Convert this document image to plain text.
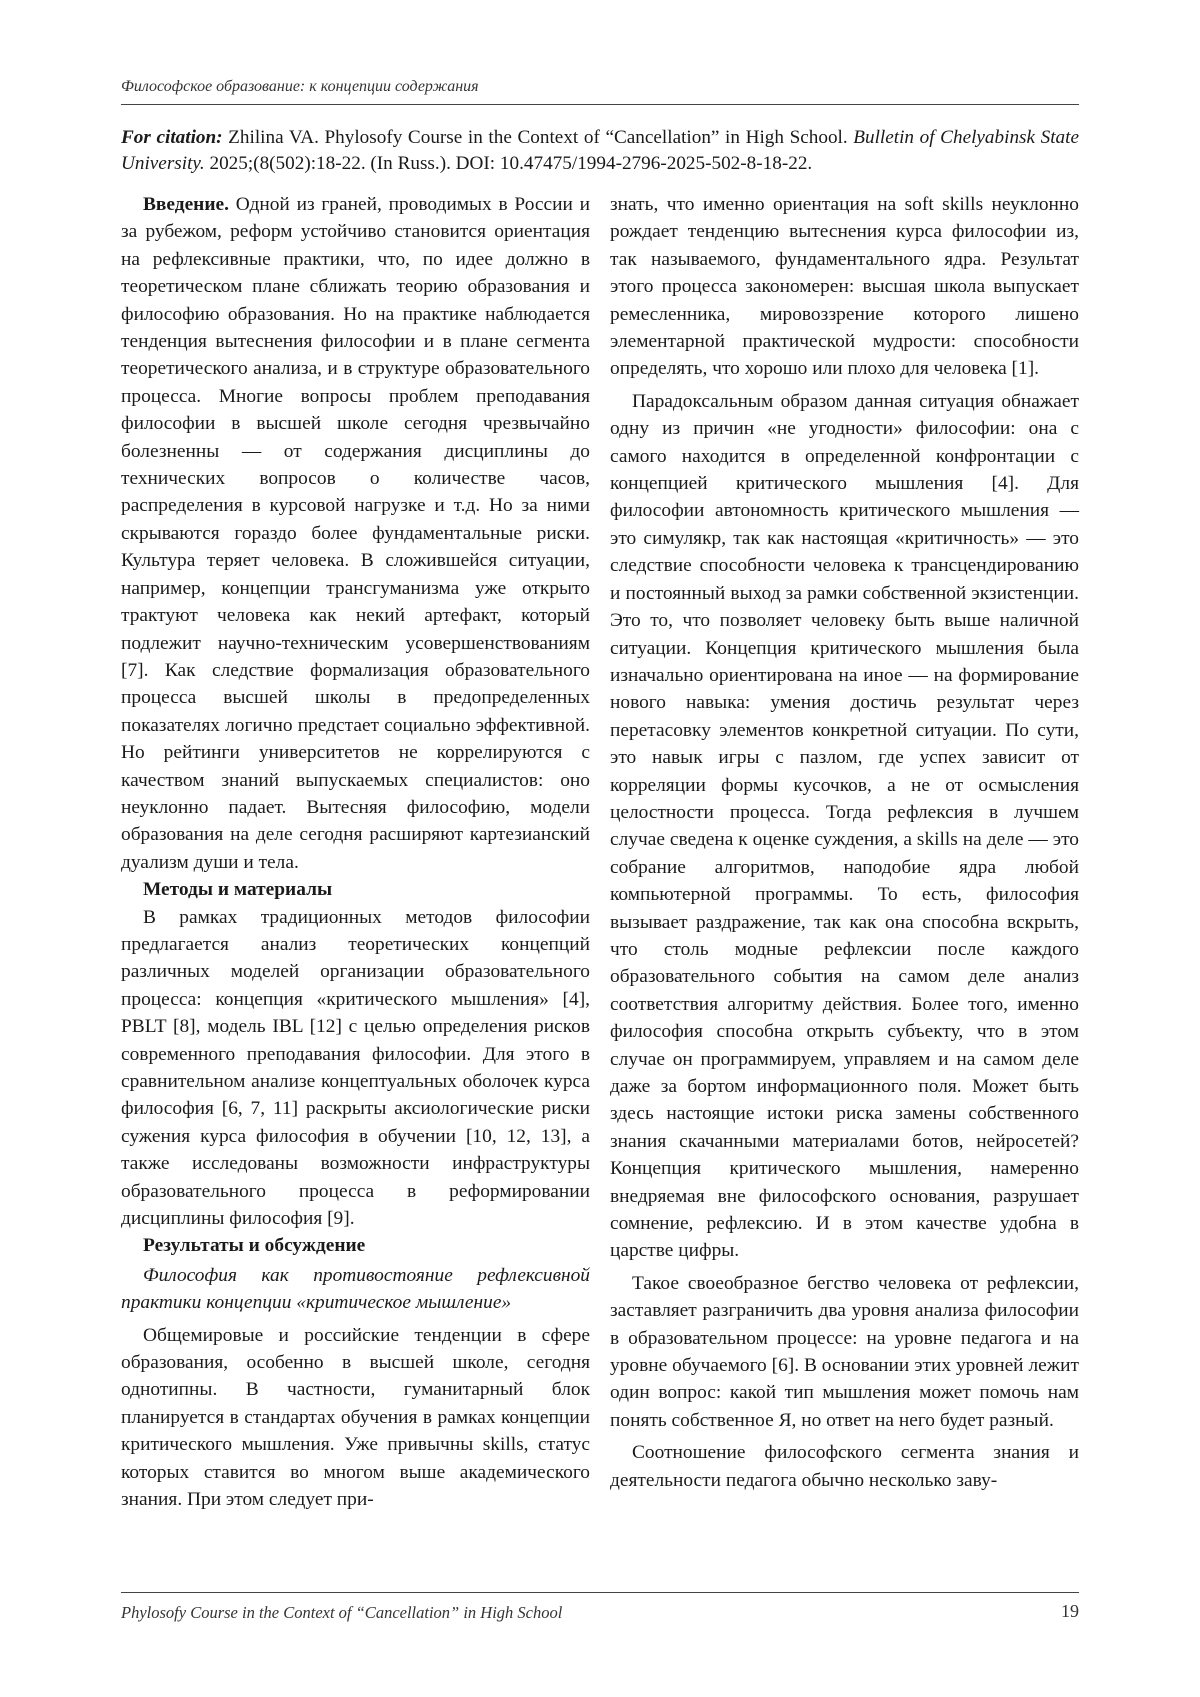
Философское образование: к концепции содержания
For citation: Zhilina VA. Phylosofy Course in the Context of “Cancellation” in High School. Bulletin of Chelyabinsk State University. 2025;(8(502):18-22. (In Russ.). DOI: 10.47475/1994-2796-2025-502-8-18-22.

Введение. Одной из граней, проводимых в России и за рубежом, реформ устойчиво становится ориентация на рефлексивные практики, что, по идее должно в теоретическом плане сближать теорию образования и философию образования. Но на практике наблюдается тенденция вытеснения философии и в плане сегмента теоретического анализа, и в структуре образовательного процесса. Многие вопросы проблем преподавания философии в высшей школе сегодня чрезвычайно болезненны — от содержания дисциплины до технических вопросов о количестве часов, распределения в курсовой нагрузке и т.д. Но за ними скрываются гораздо более фундаментальные риски. Культура теряет человека. В сложившейся ситуации, например, концепции трансгуманизма уже открыто трактуют человека как некий артефакт, который подлежит научно-техническим усовершенствованиям [7]. Как следствие формализация образовательного процесса высшей школы в предопределенных показателях логично предстает социально эффективной. Но рейтинги университетов не коррелируются с качеством знаний выпускаемых специалистов: оно неуклонно падает. Вытесняя философию, модели образования на деле сегодня расширяют картезианский дуализм души и тела.

Методы и материалы

В рамках традиционных методов философии предлагается анализ теоретических концепций различных моделей организации образовательного процесса: концепция «критического мышления» [4], PBLT [8], модель IBL [12] с целью определения рисков современного преподавания философии. Для этого в сравнительном анализе концептуальных оболочек курса философия [6, 7, 11] раскрыты аксиологические риски сужения курса философия в обучении [10, 12, 13], а также исследованы возможности инфраструктуры образовательного процесса в реформировании дисциплины философия [9].

Результаты и обсуждение

Философия как противостояние рефлексивной практики концепции «критическое мышление»

Общемировые и российские тенденции в сфере образования, особенно в высшей школе, сегодня однотипны. В частности, гуманитарный блок планируется в стандартах обучения в рамках концепции критического мышления. Уже привычны skills, статус которых ставится во многом выше академического знания. При этом следует при-

знать, что именно ориентация на soft skills неуклонно рождает тенденцию вытеснения курса философии из, так называемого, фундаментального ядра. Результат этого процесса закономерен: высшая школа выпускает ремесленника, мировоззрение которого лишено элементарной практической мудрости: способности определять, что хорошо или плохо для человека [1].

Парадоксальным образом данная ситуация обнажает одну из причин «не угодности» философии: она с самого находится в определенной конфронтации с концепцией критического мышления [4]. Для философии автономность критического мышления — это симулякр, так как настоящая «критичность» — это следствие способности человека к трансцендированию и постоянный выход за рамки собственной экзистенции. Это то, что позволяет человеку быть выше наличной ситуации. Концепция критического мышления была изначально ориентирована на иное — на формирование нового навыка: умения достичь результат через перетасовку элементов конкретной ситуации. По сути, это навык игры с пазлом, где успех зависит от корреляции формы кусочков, а не от осмысления целостности процесса. Тогда рефлексия в лучшем случае сведена к оценке суждения, а skills на деле — это собрание алгоритмов, наподобие ядра любой компьютерной программы. То есть, философия вызывает раздражение, так как она способна вскрыть, что столь модные рефлексии после каждого образовательного события на самом деле анализ соответствия алгоритму действия. Более того, именно философия способна открыть субъекту, что в этом случае он программируем, управляем и на самом деле даже за бортом информационного поля. Может быть здесь настоящие истоки риска замены собственного знания скачанными материалами ботов, нейросетей? Концепция критического мышления, намеренно внедряемая вне философского основания, разрушает сомнение, рефлексию. И в этом качестве удобна в царстве цифры.

Такое своеобразное бегство человека от рефлексии, заставляет разграничить два уровня анализа философии в образовательном процессе: на уровне педагога и на уровне обучаемого [6]. В основании этих уровней лежит один вопрос: какой тип мышления может помочь нам понять собственное Я, но ответ на него будет разный.

Соотношение философского сегмента знания и деятельности педагога обычно несколько заву-

Phylosofy Course in the Context of “Cancellation” in High School	19
